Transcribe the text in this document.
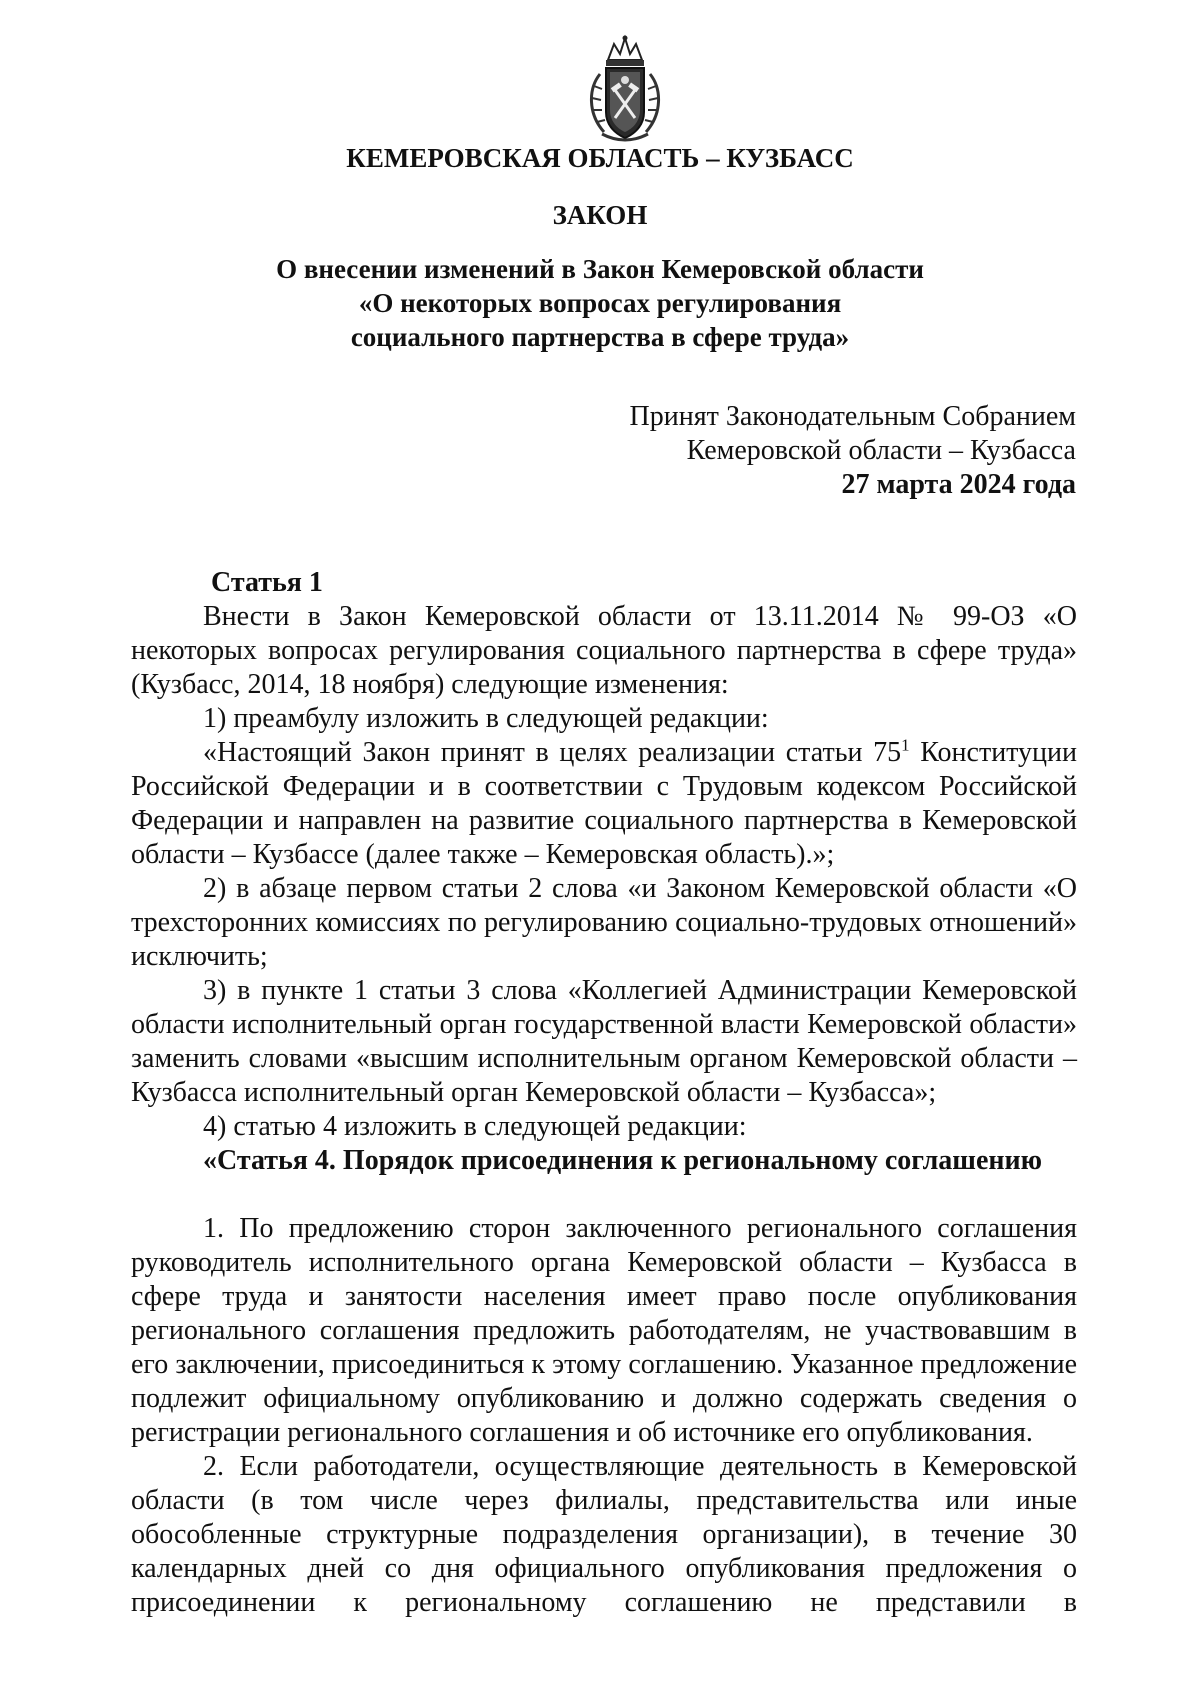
КЕМЕРОВСКАЯ ОБЛАСТЬ – КУЗБАСС
ЗАКОН
О внесении изменений в Закон Кемеровской области
«О некоторых вопросах регулирования
социального партнерства в сфере труда»
Принят Законодательным Собранием
Кемеровской области – Кузбасса
27 марта 2024 года

Статья 1

Внести в Закон Кемеровской области от 13.11.2014 № 99-ОЗ «О некоторых вопросах регулирования социального партнерства в сфере труда» (Кузбасс, 2014, 18 ноября) следующие изменения:

1) преамбулу изложить в следующей редакции:

«Настоящий Закон принят в целях реализации статьи $75^1$ Конституции Российской Федерации и в соответствии с Трудовым кодексом Российской Федерации и направлен на развитие социального партнерства в Кемеровской области – Кузбассе (далее также – Кемеровская область).»;

2) в абзаце первом статьи 2 слова «и Законом Кемеровской области «О трехсторонних комиссиях по регулированию социально-трудовых отношений» исключить;

3) в пункте 1 статьи 3 слова «Коллегией Администрации Кемеровской области исполнительный орган государственной власти Кемеровской области» заменить словами «высшим исполнительным органом Кемеровской области – Кузбасса исполнительный орган Кемеровской области – Кузбасса»;

4) статью 4 изложить в следующей редакции:

«Статья 4. Порядок присоединения к региональному соглашению

1. По предложению сторон заключенного регионального соглашения руководитель исполнительного органа Кемеровской области – Кузбасса в сфере труда и занятости населения имеет право после опубликования регионального соглашения предложить работодателям, не участвовавшим в его заключении, присоединиться к этому соглашению. Указанное предложение подлежит официальному опубликованию и должно содержать сведения о регистрации регионального соглашения и об источнике его опубликования.

2. Если работодатели, осуществляющие деятельность в Кемеровской области (в том числе через филиалы, представительства или иные обособленные структурные подразделения организации), в течение 30 календарных дней со дня официального опубликования предложения о присоединении к региональному соглашению не представили в
